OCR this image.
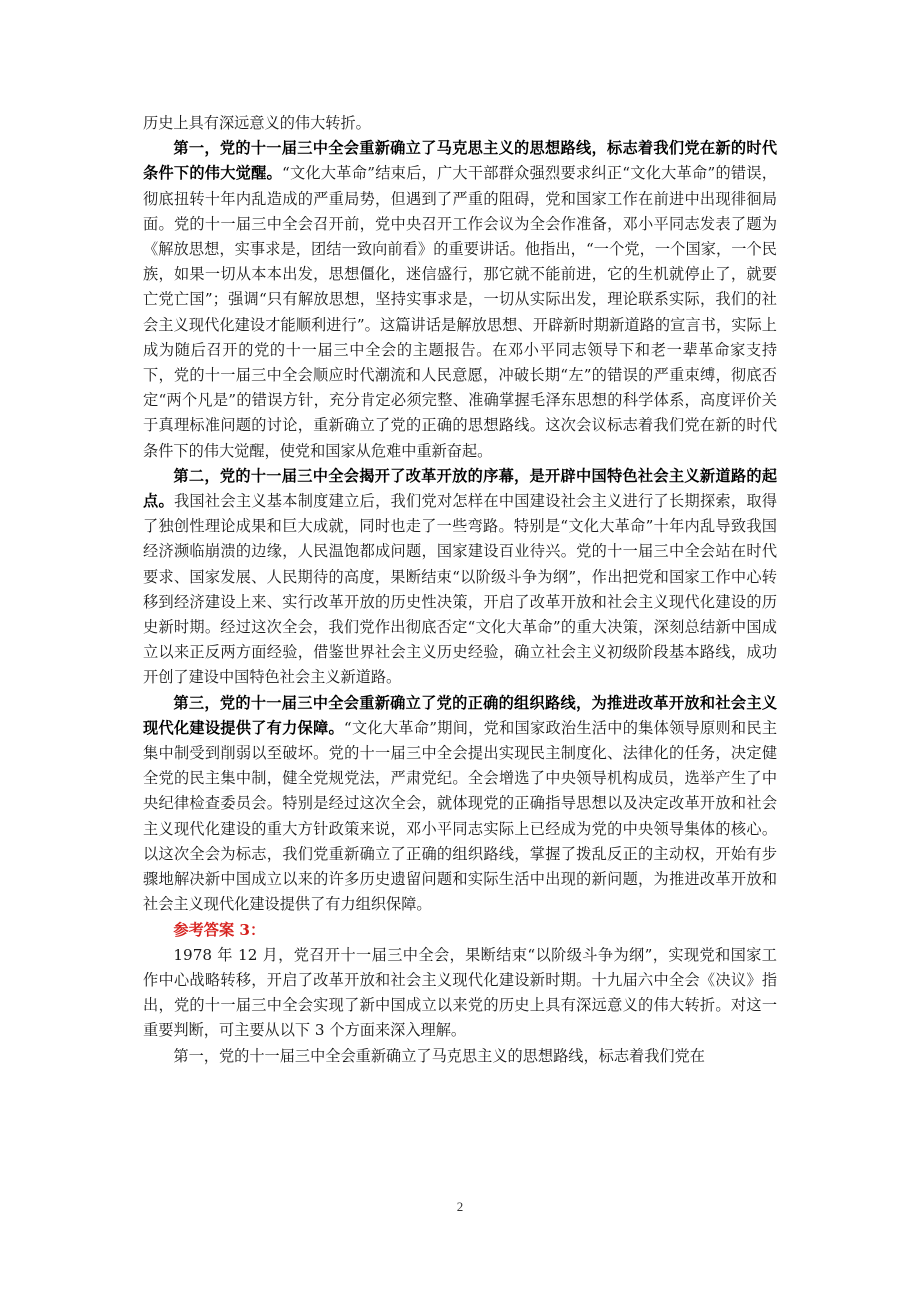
历史上具有深远意义的伟大转折。

第一，党的十一届三中全会重新确立了马克思主义的思想路线，标志着我们党在新的时代条件下的伟大觉醒。“文化大革命”结束后，广大干部群众强烈要求纠正“文化大革命”的错误，彻底扭转十年内乱造成的严重局势，但遇到了严重的阻碍，党和国家工作在前进中出现徘徊局面。党的十一届三中全会召开前，党中央召开工作会议为全会作准备，邓小平同志发表了题为《解放思想，实事求是，团结一致向前看》的重要讲话。他指出，“一个党，一个国家，一个民族，如果一切从本本出发，思想僵化，迷信盛行，那它就不能前进，它的生机就停止了，就要亡党亡国”；强调“只有解放思想，坚持实事求是，一切从实际出发，理论联系实际，我们的社会主义现代化建设才能顺利进行”。这篇讲话是解放思想、开辟新时期新道路的宣言书，实际上成为随后召开的党的十一届三中全会的主题报告。在邓小平同志领导下和老一辈革命家支持下，党的十一届三中全会顺应时代潮流和人民意愿，冲破长期“左”的错误的严重束缚，彻底否定“两个凡是”的错误方针，充分肯定必须完整、准确掌握毛泽东思想的科学体系，高度评价关于真理标准问题的讨论，重新确立了党的正确的思想路线。这次会议标志着我们党在新的时代条件下的伟大觉醒，使党和国家从危难中重新奋起。

第二，党的十一届三中全会揭开了改革开放的序幕，是开辟中国特色社会主义新道路的起点。我国社会主义基本制度建立后，我们党对怎样在中国建设社会主义进行了长期探索，取得了独创性理论成果和巨大成就，同时也走了一些弯路。特别是“文化大革命”十年内乱导致我国经济濒临崩溃的边缘，人民温饱都成问题，国家建设百业待兴。党的十一届三中全会站在时代要求、国家发展、人民期待的高度，果断结束“以阶级斗争为纲”，作出把党和国家工作中心转移到经济建设上来、实行改革开放的历史性决策，开启了改革开放和社会主义现代化建设的历史新时期。经过这次全会，我们党作出彻底否定“文化大革命”的重大决策，深刻总结新中国成立以来正反两方面经验，借鉴世界社会主义历史经验，确立社会主义初级阶段基本路线，成功开创了建设中国特色社会主义新道路。

第三，党的十一届三中全会重新确立了党的正确的组织路线，为推进改革开放和社会主义现代化建设提供了有力保障。“文化大革命”期间，党和国家政治生活中的集体领导原则和民主集中制受到削弱以至破坏。党的十一届三中全会提出实现民主制度化、法律化的任务，决定健全党的民主集中制，健全党规党法，严肃党纪。全会增选了中央领导机构成员，选举产生了中央纪律检查委员会。特别是经过这次全会，就体现党的正确指导思想以及决定改革开放和社会主义现代化建设的重大方针政策来说，邓小平同志实际上已经成为党的中央领导集体的核心。以这次全会为标志，我们党重新确立了正确的组织路线，掌握了拨乱反正的主动权，开始有步骤地解决新中国成立以来的许多历史遗留问题和实际生活中出现的新问题，为推进改革开放和社会主义现代化建设提供了有力组织保障。

参考答案 3：

1978 年 12 月，党召开十一届三中全会，果断结束“以阶级斗争为纲”，实现党和国家工作中心战略转移，开启了改革开放和社会主义现代化建设新时期。十九届六中全会《决议》指出，党的十一届三中全会实现了新中国成立以来党的历史上具有深远意义的伟大转折。对这一重要判断，可主要从以下 3 个方面来深入理解。

第一，党的十一届三中全会重新确立了马克思主义的思想路线，标志着我们党在

2
